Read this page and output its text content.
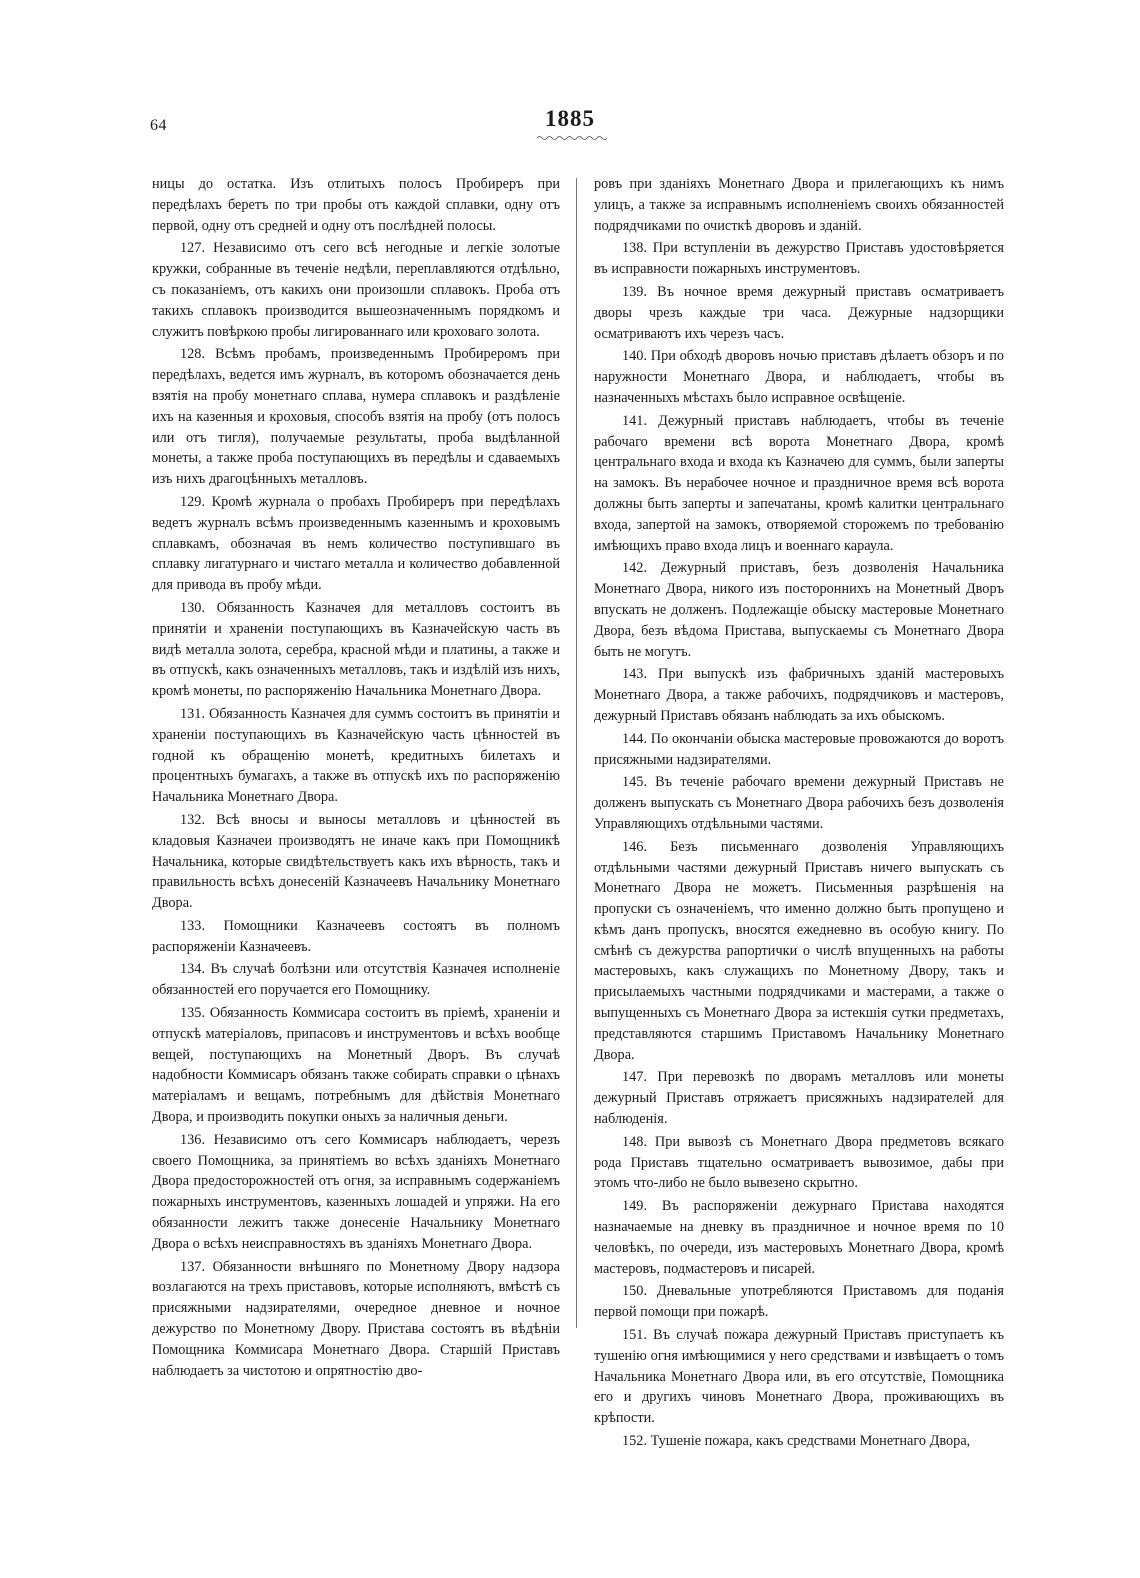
64	1885

ницы до остатка. Изъ отлитыхъ полосъ Пробирeръ при передѣлахъ беретъ по три пробы отъ каждой сплавки, одну отъ первой, одну отъ средней и одну отъ послѣдней полосы.

127. Независимо отъ сего всѣ негодные и легкіе золотые кружки, собранные въ теченіе недѣли, переплавляются отдѣльно, съ показаніемъ, отъ какихъ они произошли сплавокъ. Проба отъ такихъ сплавокъ производится вышеозначеннымъ порядкомъ и служитъ повѣркою пробы лигированнаго или кроховаго золота.

128. Всѣмъ пробамъ, произведеннымъ Пробиреромъ при передѣлахъ, ведется имъ журналъ, въ которомъ обозначается день взятія на пробу монетнаго сплава, нумера сплавокъ и раздѣленіе ихъ на казенныя и кроховыя, способъ взятія на пробу (отъ полосъ или отъ тигля), получаемые результаты, проба выдѣланной монеты, а также проба поступающихъ въ передѣлы и сдаваемыхъ изъ нихъ драгоцѣнныхъ металловъ.

129. Кромѣ журнала о пробахъ Пробирeръ при передѣлахъ ведетъ журналъ всѣмъ произведеннымъ казеннымъ и кроховымъ сплавкамъ, обозначая въ немъ количество поступившаго въ сплавку лигатурнаго и чистаго металла и количество добавленной для привода въ пробу мѣди.

130. Обязанность Казначея для металловъ состоитъ въ принятіи и храненіи поступающихъ въ Казначейскую часть въ видѣ металла золота, серебра, красной мѣди и платины, а также и въ отпускѣ, какъ означенныхъ металловъ, такъ и издѣлій изъ нихъ, кромѣ монеты, по распоряженію Начальника Монетнаго Двора.

131. Обязанность Казначея для суммъ состоитъ въ принятіи и храненіи поступающихъ въ Казначейскую часть цѣнностей въ годной къ обращенію монетѣ, кредитныхъ билетахъ и процентныхъ бумагахъ, а также въ отпускѣ ихъ по распоряженію Начальника Монетнаго Двора.

132. Всѣ вносы и выносы металловъ и цѣнностей въ кладовыя Казначеи производятъ не иначе какъ при Помощникѣ Начальника, которые свидѣтельствуетъ какъ ихъ вѣрность, такъ и правильность всѣхъ донесеній Казначеевъ Начальнику Монетнаго Двора.

133. Помощники Казначеевъ состоятъ въ полномъ распоряженіи Казначеевъ.

134. Въ случаѣ болѣзни или отсутствія Казначея исполненіе обязанностей его поручается его Помощнику.

135. Обязанность Коммисара состоитъ въ пріемѣ, храненіи и отпускѣ матеріаловъ, припасовъ и инструментовъ и всѣхъ вообще вещей, поступающихъ на Монетный Дворъ. Въ случаѣ надобности Коммисаръ обязанъ также собирать справки о цѣнахъ матеріаламъ и вещамъ, потребнымъ для дѣйствія Монетнаго Двора, и производить покупки оныхъ за наличныя деньги.

136. Независимо отъ сего Коммисаръ наблюдаетъ, черезъ своего Помощника, за принятіемъ во всѣхъ зданіяхъ Монетнаго Двора предосторожностей отъ огня, за исправнымъ содержаніемъ пожарныхъ инструментовъ, казенныхъ лошадей и упряжи. На его обязанности лежитъ также донесеніе Начальнику Монетнаго Двора о всѣхъ неисправностяхъ въ зданіяхъ Монетнаго Двора.

137. Обязанности внѣшняго по Монетному Двору надзора возлагаются на трехъ приставовъ, которые исполняютъ, вмѣстѣ съ присяжными надзирателями, очередное дневное и ночное дежурство по Монетному Двору. Пристава состоятъ въ вѣдѣніи Помощника Коммисара Монетнаго Двора. Старшій Приставъ наблюдаетъ за чистотою и опрятностію дво-

ровъ при зданіяхъ Монетнаго Двора и прилегающихъ къ нимъ улицъ, а также за исправнымъ исполненіемъ своихъ обязанностей подрядчиками по очисткѣ дворовъ и зданій.

138. При вступленіи въ дежурство Приставъ удостовѣряется въ исправности пожарныхъ инструментовъ.

139. Въ ночное время дежурный приставъ осматриваетъ дворы чрезъ каждые три часа. Дежурные надзорщики осматриваютъ ихъ черезъ часъ.

140. При обходѣ дворовъ ночью приставъ дѣлаетъ обзоръ и по наружности Монетнаго Двора, и наблюдаетъ, чтобы въ назначенныхъ мѣстахъ было исправное освѣщеніе.

141. Дежурный приставъ наблюдаетъ, чтобы въ теченіе рабочаго времени всѣ ворота Монетнаго Двора, кромѣ центральнаго входа и входа къ Казначею для суммъ, были заперты на замокъ. Въ нерабочее ночное и праздничное время всѣ ворота должны быть заперты и запечатаны, кромѣ калитки центральнаго входа, запертой на замокъ, отворяемой сторожемъ по требованію имѣющихъ право входа лицъ и военнаго караула.

142. Дежурный приставъ, безъ дозволенія Начальника Монетнаго Двора, никого изъ постороннихъ на Монетный Дворъ впускать не долженъ. Подлежащіе обыску мастеровые Монетнаго Двора, безъ вѣдома Пристава, выпускаемы съ Монетнаго Двора быть не могутъ.

143. При выпускѣ изъ фабричныхъ зданій мастеровыхъ Монетнаго Двора, а также рабочихъ, подрядчиковъ и мастеровъ, дежурный Приставъ обязанъ наблюдать за ихъ обыскомъ.

144. По окончаніи обыска мастеровые провожаются до воротъ присяжными надзирателями.

145. Въ теченіе рабочаго времени дежурный Приставъ не долженъ выпускать съ Монетнаго Двора рабочихъ безъ дозволенія Управляющихъ отдѣльными частями.

146. Безъ письменнаго дозволенія Управляющихъ отдѣльными частями дежурный Приставъ ничего выпускать съ Монетнаго Двора не можетъ. Письменныя разрѣшенія на пропуски съ означеніемъ, что именно должно быть пропущено и кѣмъ данъ пропускъ, вносятся ежедневно въ особую книгу. По смѣнѣ съ дежурства рапортички о числѣ впущенныхъ на работы мастеровыхъ, какъ служащихъ по Монетному Двору, такъ и присылаемыхъ частными подрядчиками и мастерами, а также о выпущенныхъ съ Монетнаго Двора за истекшія сутки предметахъ, представляются старшимъ Приставомъ Начальнику Монетнаго Двора.

147. При перевозкѣ по дворамъ металловъ или монеты дежурный Приставъ отряжаетъ присяжныхъ надзирателей для наблюденія.

148. При вывозѣ съ Монетнаго Двора предметовъ всякаго рода Приставъ тщательно осматриваетъ вывозимое, дабы при этомъ что-либо не было вывезено скрытно.

149. Въ распоряженіи дежурнаго Пристава находятся назначаемые на дневку въ праздничное и ночное время по 10 человѣкъ, по очереди, изъ мастеровыхъ Монетнаго Двора, кромѣ мастеровъ, подмастеровъ и писарей.

150. Дневальные употребляются Приставомъ для поданія первой помощи при пожарѣ.

151. Въ случаѣ пожара дежурный Приставъ приступаетъ къ тушенію огня имѣющимися у него средствами и извѣщаетъ о томъ Начальника Монетнаго Двора или, въ его отсутствіе, Помощника его и другихъ чиновъ Монетнаго Двора, проживающихъ въ крѣпости.

152. Тушеніе пожара, какъ средствами Монетнаго Двора,
